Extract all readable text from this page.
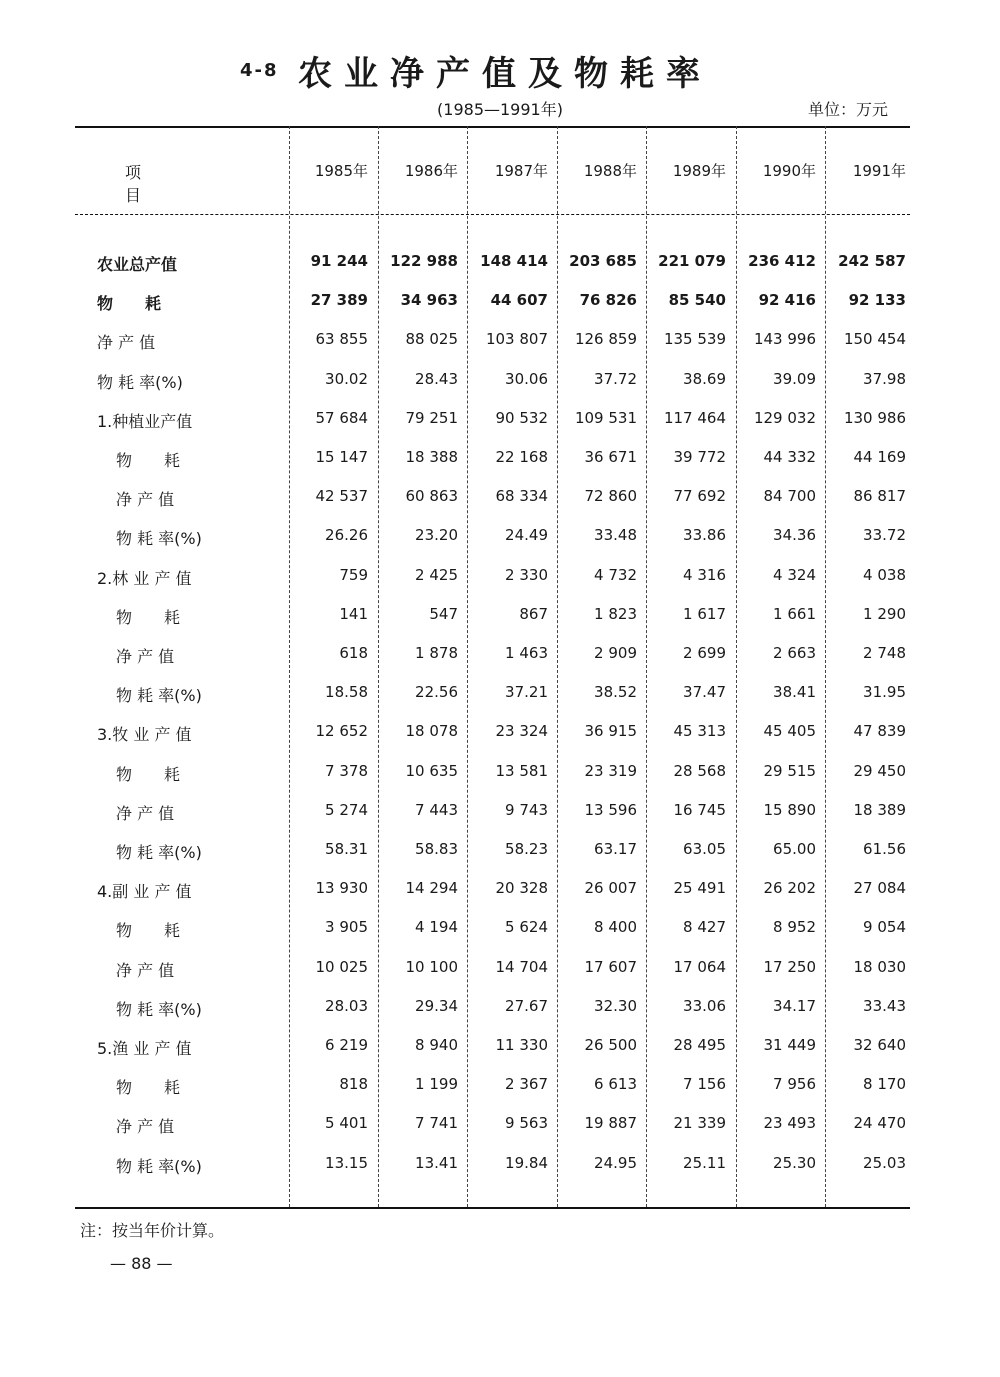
4-8 农业净产值及物耗率
(1985—1991年)	单位：万元
项目
1985年	1986年	1987年	1988年	1989年	1990年	1991年
农业总产值	91 244	122 988	148 414	203 685	221 079	236 412	242 587
物　　耗	27 389	34 963	44 607	76 826	85 540	92 416	92 133
净 产 值	63 855	88 025	103 807	126 859	135 539	143 996	150 454
物 耗 率(%)	30.02	28.43	30.06	37.72	38.69	39.09	37.98
1.种植业产值	57 684	79 251	90 532	109 531	117 464	129 032	130 986
物　　耗	15 147	18 388	22 168	36 671	39 772	44 332	44 169
净 产 值	42 537	60 863	68 334	72 860	77 692	84 700	86 817
物 耗 率(%)	26.26	23.20	24.49	33.48	33.86	34.36	33.72
2.林 业 产 值	759	2 425	2 330	4 732	4 316	4 324	4 038
物　　耗	141	547	867	1 823	1 617	1 661	1 290
净 产 值	618	1 878	1 463	2 909	2 699	2 663	2 748
物 耗 率(%)	18.58	22.56	37.21	38.52	37.47	38.41	31.95
3.牧 业 产 值	12 652	18 078	23 324	36 915	45 313	45 405	47 839
物　　耗	7 378	10 635	13 581	23 319	28 568	29 515	29 450
净 产 值	5 274	7 443	9 743	13 596	16 745	15 890	18 389
物 耗 率(%)	58.31	58.83	58.23	63.17	63.05	65.00	61.56
4.副 业 产 值	13 930	14 294	20 328	26 007	25 491	26 202	27 084
物　　耗	3 905	4 194	5 624	8 400	8 427	8 952	9 054
净 产 值	10 025	10 100	14 704	17 607	17 064	17 250	18 030
物 耗 率(%)	28.03	29.34	27.67	32.30	33.06	34.17	33.43
5.渔 业 产 值	6 219	8 940	11 330	26 500	28 495	31 449	32 640
物　　耗	818	1 199	2 367	6 613	7 156	7 956	8 170
净 产 值	5 401	7 741	9 563	19 887	21 339	23 493	24 470
物 耗 率(%)	13.15	13.41	19.84	24.95	25.11	25.30	25.03
注：按当年价计算。
— 88 —
